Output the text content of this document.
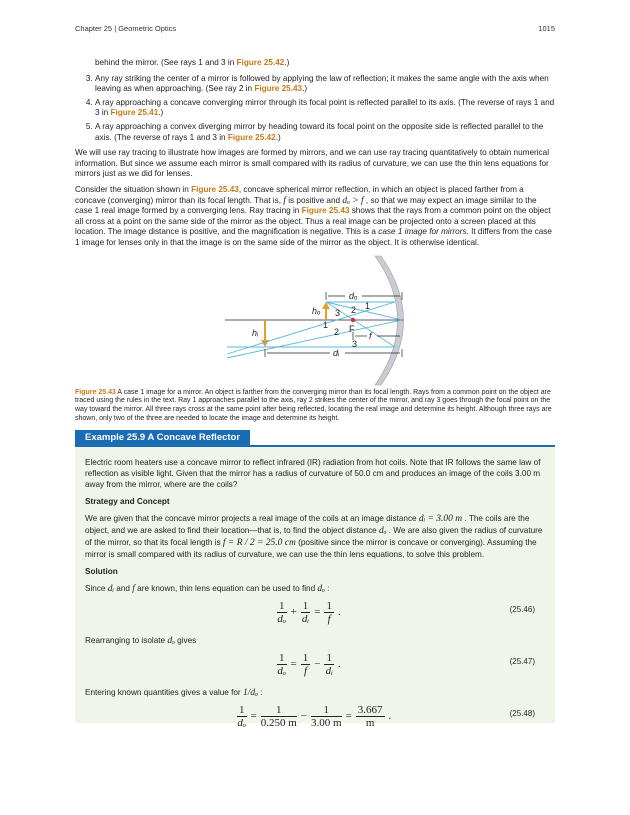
Chapter 25 | Geometric Optics	1015

behind the mirror. (See rays 1 and 3 in Figure 25.42.)

3. Any ray striking the center of a mirror is followed by applying the law of reflection; it makes the same angle with the axis when leaving as when approaching. (See ray 2 in Figure 25.43.)
4. A ray approaching a concave converging mirror through its focal point is reflected parallel to its axis. (The reverse of rays 1 and 3 in Figure 25.41.)
5. A ray approaching a convex diverging mirror by heading toward its focal point on the opposite side is reflected parallel to the axis. (The reverse of rays 1 and 3 in Figure 25.42.)

We will use ray tracing to illustrate how images are formed by mirrors, and we can use ray tracing quantitatively to obtain numerical information. But since we assume each mirror is small compared with its radius of curvature, we can use the thin lens equations for mirrors just as we did for lenses.

Consider the situation shown in Figure 25.43, concave spherical mirror reflection, in which an object is placed farther from a concave (converging) mirror than its focal length. That is, f is positive and dₒ > f , so that we may expect an image similar to the case 1 real image formed by a converging lens. Ray tracing in Figure 25.43 shows that the rays from a common point on the object all cross at a point on the same side of the mirror as the object. Thus a real image can be projected onto a screen placed at this location. The image distance is positive, and the magnification is negative. This is a case 1 image for mirrors. It differs from the case 1 image for lenses only in that the image is on the same side of the mirror as the object. It is otherwise identical.

dₒ
dᵢ
hₒ
hᵢ	f
F
1
2
3
1
2
3

Figure 25.43 A case 1 image for a mirror. An object is farther from the converging mirror than its focal length. Rays from a common point on the object are traced using the rules in the text. Ray 1 approaches parallel to the axis, ray 2 strikes the center of the mirror, and ray 3 goes through the focal point on the way toward the mirror. All three rays cross at the same point after being reflected, locating the real image and determine its height. Although three rays are shown, only two of the three are needed to locate the image and determine its height.

Example 25.9 A Concave Reflector

Electric room heaters use a concave mirror to reflect infrared (IR) radiation from hot coils. Note that IR follows the same law of reflection as visible light. Given that the mirror has a radius of curvature of 50.0 cm and produces an image of the coils 3.00 m away from the mirror, where are the coils?

Strategy and Concept

We are given that the concave mirror projects a real image of the coils at an image distance dᵢ = 3.00 m . The coils are the object, and we are asked to find their location—that is, to find the object distance dₒ . We are also given the radius of curvature of the mirror, so that its focal length is f = R / 2 = 25.0 cm (positive since the mirror is concave or converging). Assuming the mirror is small compared with its radius of curvature, we can use the thin lens equations, to solve this problem.

Solution

Since dᵢ and f are known, thin lens equation can be used to find dₒ :

$\frac{1}{\text{dₒ}} + \frac{1}{\text{dᵢ}} = \frac{1}{f}$ .	(25.46)

Rearranging to isolate dₒ gives

$\frac{1}{\text{dₒ}} = \frac{1}{f} - \frac{1}{\text{dᵢ}}$ .	(25.47)

Entering known quantities gives a value for 1/dₒ :

$\frac{1}{\text{dₒ}} = \frac{1}{0.250 m} - \frac{1}{3.00 m} = \frac{3.667}{m}$ .	(25.48)
